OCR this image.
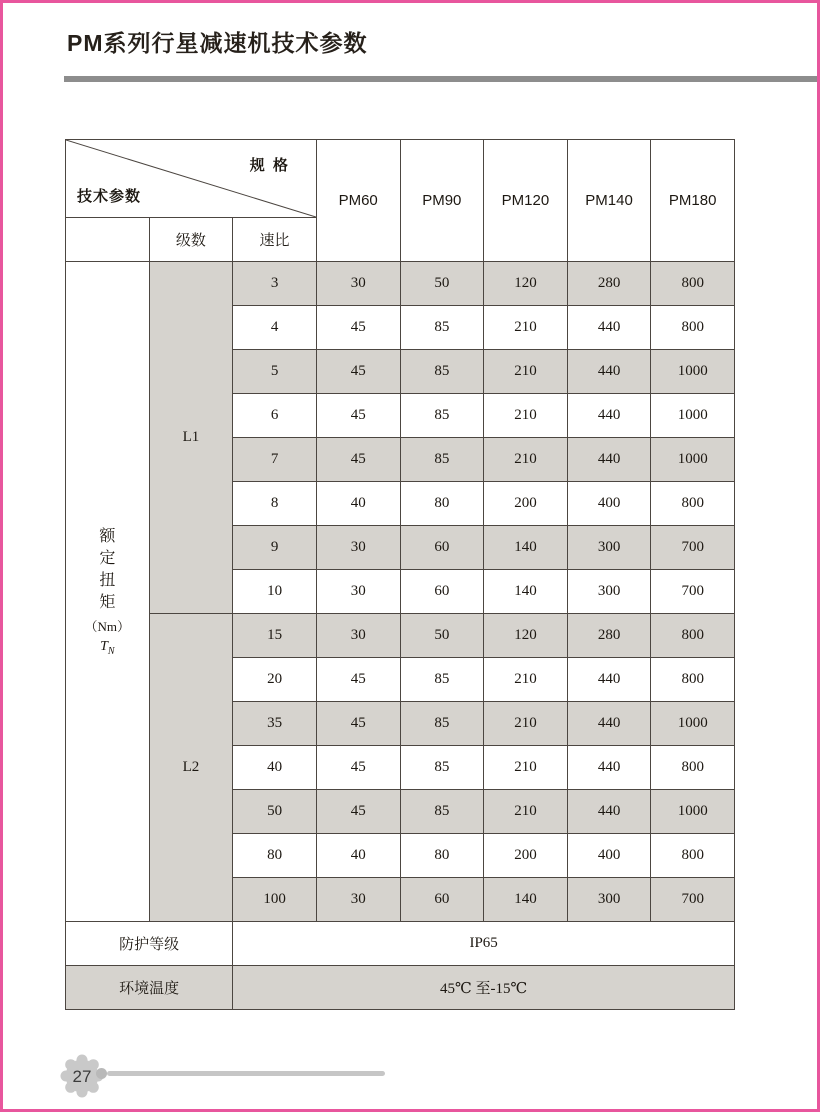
PM系列行星减速机技术参数
规 格
技术参数			PM60	PM90	PM120	PM140	PM180
	级数	速比					

额定扭矩
（Nm）
$T_N$	L1	3	30	50	120	280	800
		4	45	85	210	440	800
		5	45	85	210	440	1000
		6	45	85	210	440	1000
		7	45	85	210	440	1000
		8	40	80	200	400	800
		9	30	60	140	300	700
		10	30	60	140	300	700
	L2	15	30	50	120	280	800
		20	45	85	210	440	800
		35	45	85	210	440	1000
		40	45	85	210	440	800
		50	45	85	210	440	1000
		80	40	80	200	400	800
		100	30	60	140	300	700
防护等级		IP65					
环境温度		45℃ 至-15℃					
27
